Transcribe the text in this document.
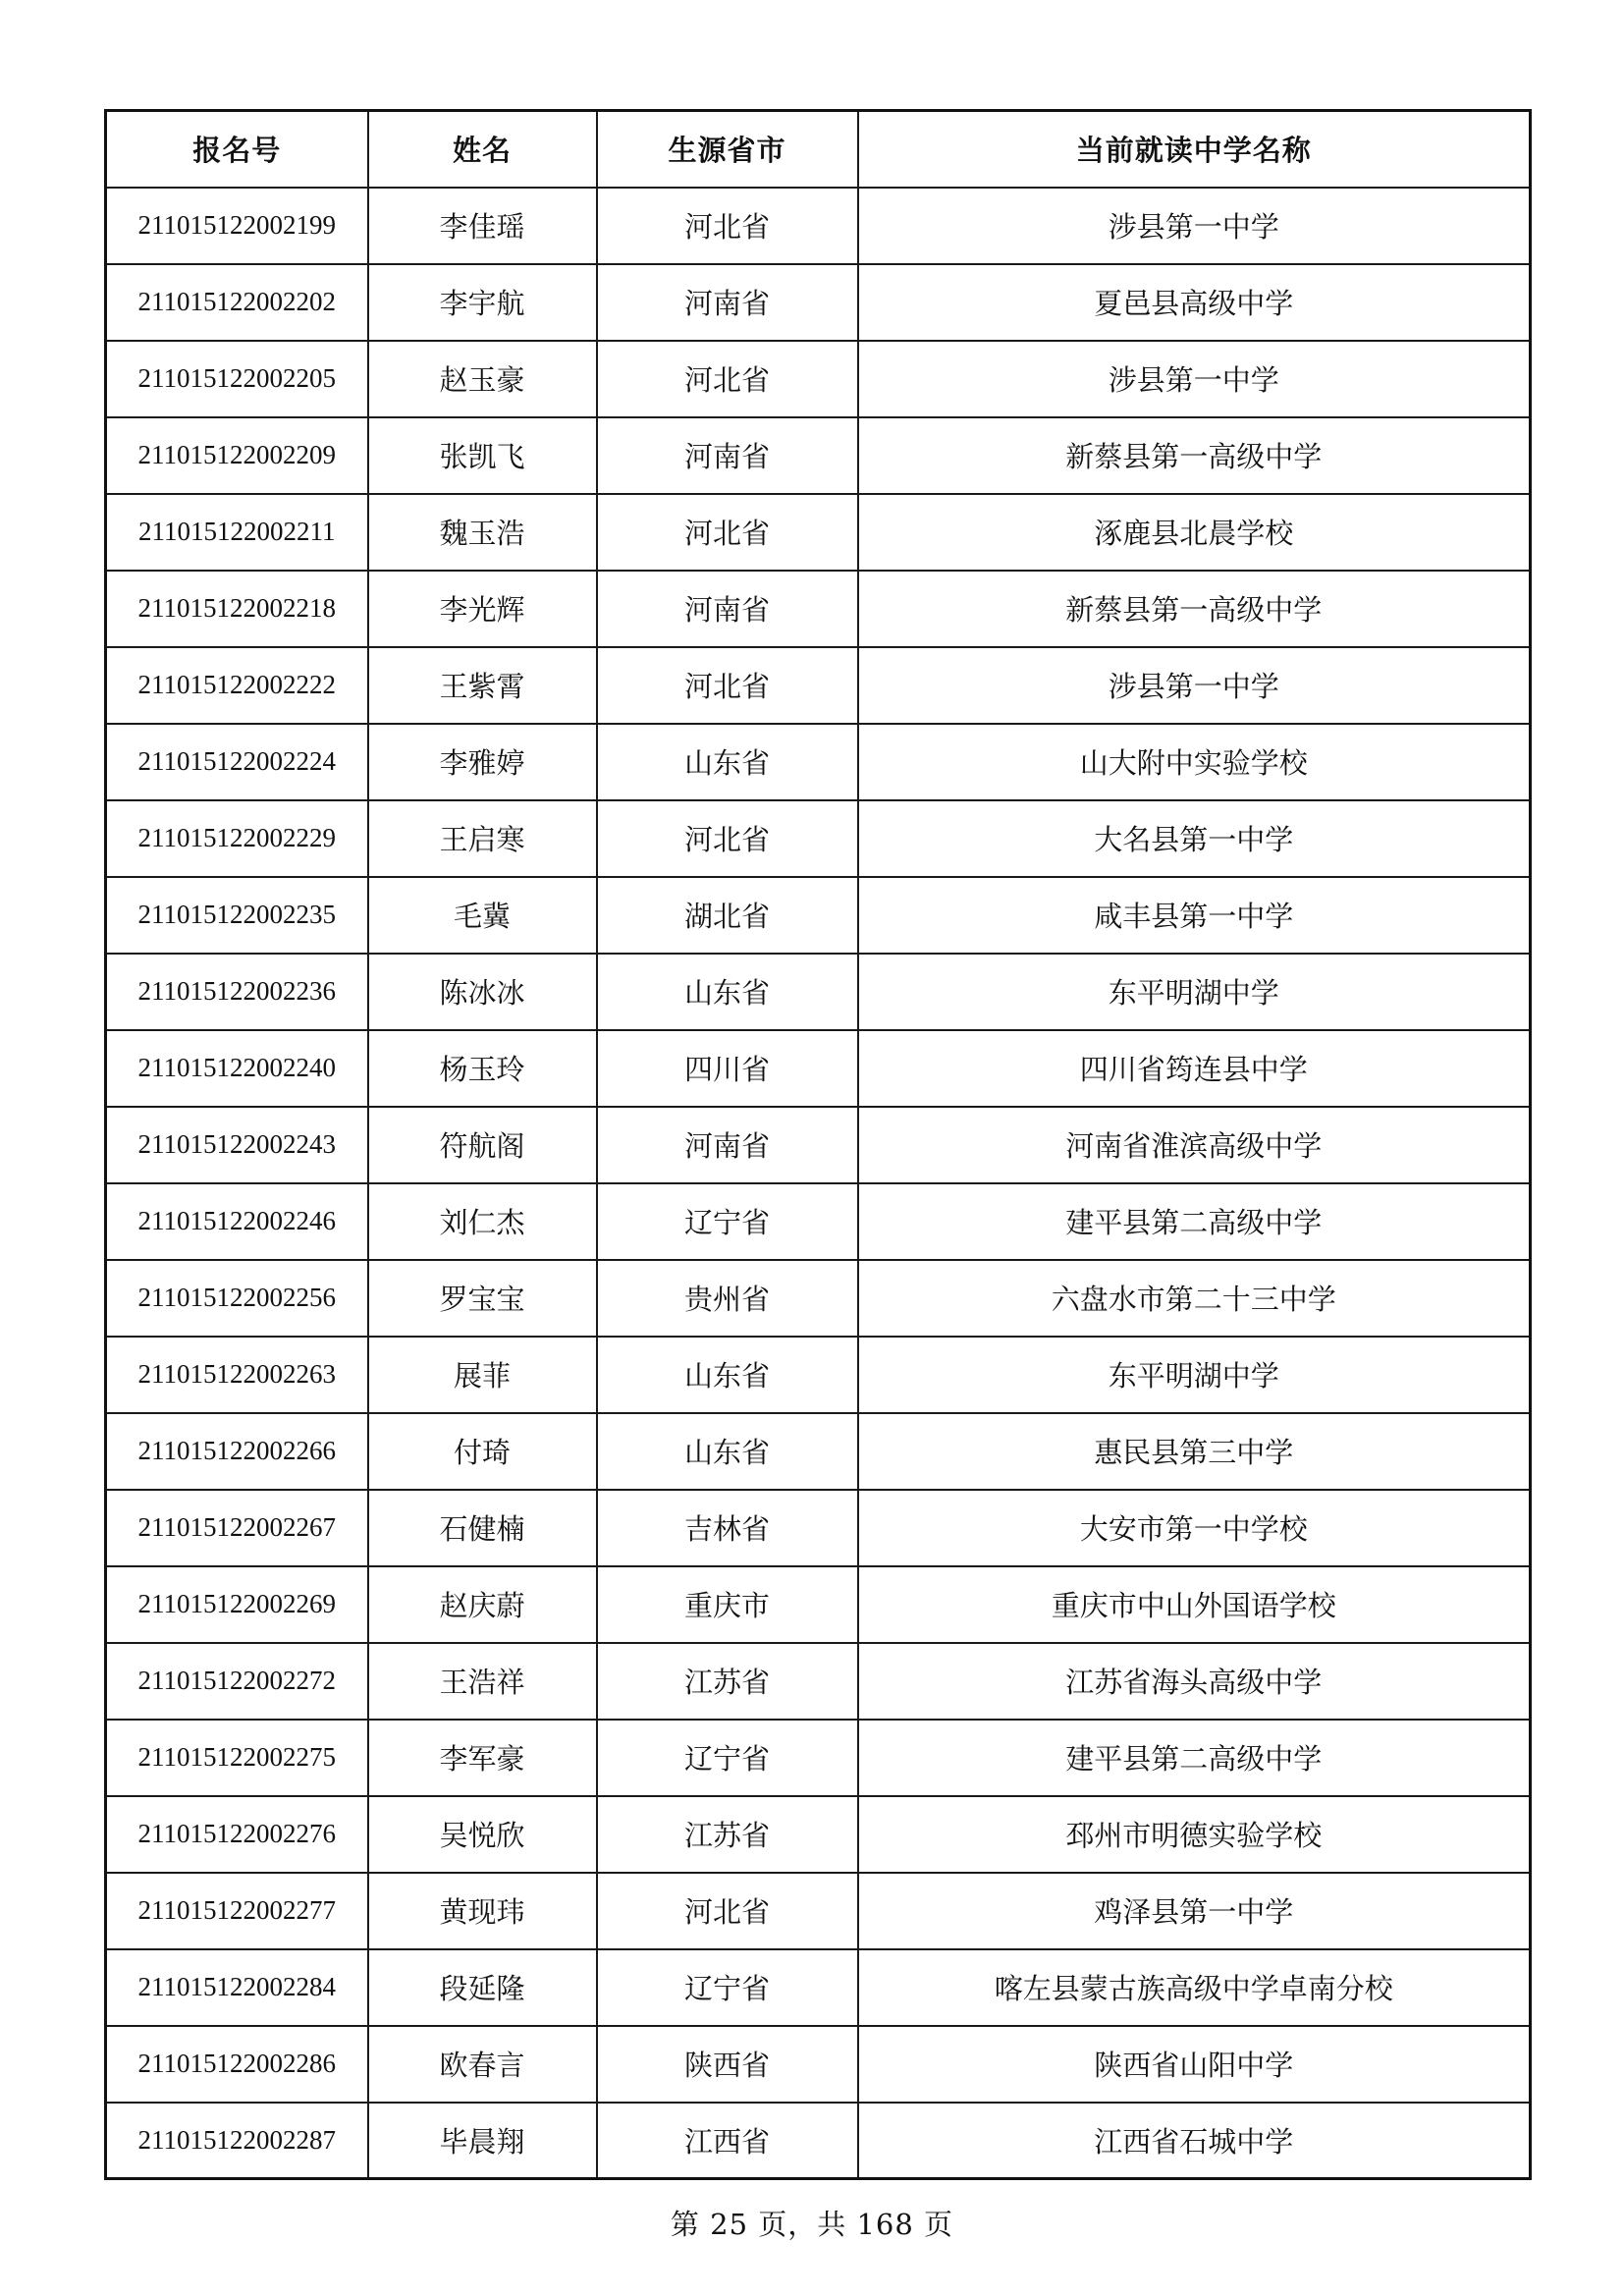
报名号	姓名	生源省市	当前就读中学名称
211015122002199	李佳瑶	河北省	涉县第一中学
211015122002202	李宇航	河南省	夏邑县高级中学
211015122002205	赵玉豪	河北省	涉县第一中学
211015122002209	张凯飞	河南省	新蔡县第一高级中学
211015122002211	魏玉浩	河北省	涿鹿县北晨学校
211015122002218	李光辉	河南省	新蔡县第一高级中学
211015122002222	王紫霄	河北省	涉县第一中学
211015122002224	李雅婷	山东省	山大附中实验学校
211015122002229	王启寒	河北省	大名县第一中学
211015122002235	毛冀	湖北省	咸丰县第一中学
211015122002236	陈冰冰	山东省	东平明湖中学
211015122002240	杨玉玲	四川省	四川省筠连县中学
211015122002243	符航阁	河南省	河南省淮滨高级中学
211015122002246	刘仁杰	辽宁省	建平县第二高级中学
211015122002256	罗宝宝	贵州省	六盘水市第二十三中学
211015122002263	展菲	山东省	东平明湖中学
211015122002266	付琦	山东省	惠民县第三中学
211015122002267	石健楠	吉林省	大安市第一中学校
211015122002269	赵庆蔚	重庆市	重庆市中山外国语学校
211015122002272	王浩祥	江苏省	江苏省海头高级中学
211015122002275	李军豪	辽宁省	建平县第二高级中学
211015122002276	吴悦欣	江苏省	邳州市明德实验学校
211015122002277	黄现玮	河北省	鸡泽县第一中学
211015122002284	段延隆	辽宁省	喀左县蒙古族高级中学卓南分校
211015122002286	欧春言	陕西省	陕西省山阳中学
211015122002287	毕晨翔	江西省	江西省石城中学
第 25 页，共 168 页
